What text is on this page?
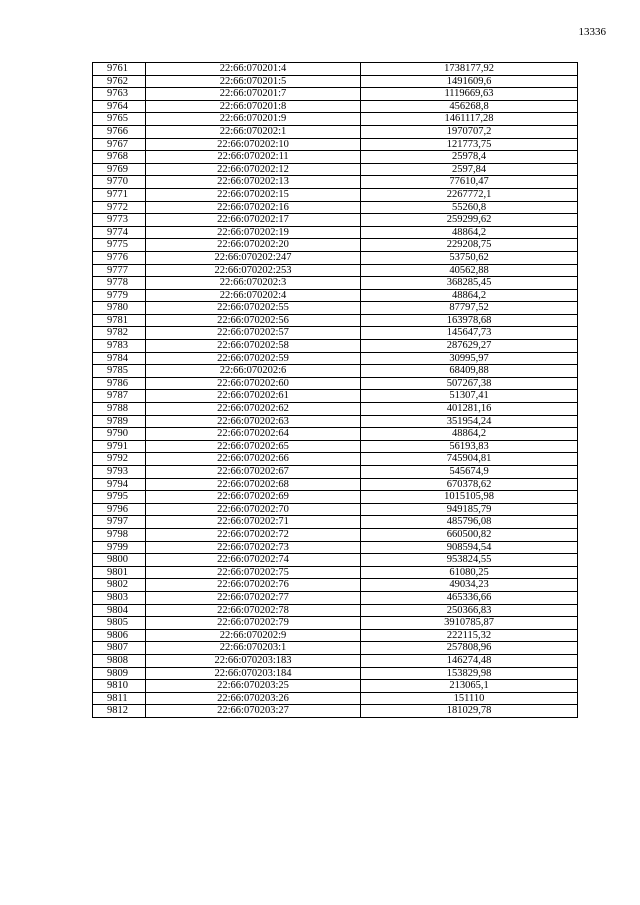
13336
9761	22:66:070201:4	1738177,92
9762	22:66:070201:5	1491609,6
9763	22:66:070201:7	1119669,63
9764	22:66:070201:8	456268,8
9765	22:66:070201:9	1461117,28
9766	22:66:070202:1	1970707,2
9767	22:66:070202:10	121773,75
9768	22:66:070202:11	25978,4
9769	22:66:070202:12	2597,84
9770	22:66:070202:13	77610,47
9771	22:66:070202:15	2267772,1
9772	22:66:070202:16	55260,8
9773	22:66:070202:17	259299,62
9774	22:66:070202:19	48864,2
9775	22:66:070202:20	229208,75
9776	22:66:070202:247	53750,62
9777	22:66:070202:253	40562,88
9778	22:66:070202:3	368285,45
9779	22:66:070202:4	48864,2
9780	22:66:070202:55	87797,52
9781	22:66:070202:56	163978,68
9782	22:66:070202:57	145647,73
9783	22:66:070202:58	287629,27
9784	22:66:070202:59	30995,97
9785	22:66:070202:6	68409,88
9786	22:66:070202:60	507267,38
9787	22:66:070202:61	51307,41
9788	22:66:070202:62	401281,16
9789	22:66:070202:63	351954,24
9790	22:66:070202:64	48864,2
9791	22:66:070202:65	56193,83
9792	22:66:070202:66	745904,81
9793	22:66:070202:67	545674,9
9794	22:66:070202:68	670378,62
9795	22:66:070202:69	1015105,98
9796	22:66:070202:70	949185,79
9797	22:66:070202:71	485796,08
9798	22:66:070202:72	660500,82
9799	22:66:070202:73	908594,54
9800	22:66:070202:74	953824,55
9801	22:66:070202:75	61080,25
9802	22:66:070202:76	49034,23
9803	22:66:070202:77	465336,66
9804	22:66:070202:78	250366,83
9805	22:66:070202:79	3910785,87
9806	22:66:070202:9	222115,32
9807	22:66:070203:1	257808,96
9808	22:66:070203:183	146274,48
9809	22:66:070203:184	153829,98
9810	22:66:070203:25	213065,1
9811	22:66:070203:26	151110
9812	22:66:070203:27	181029,78
